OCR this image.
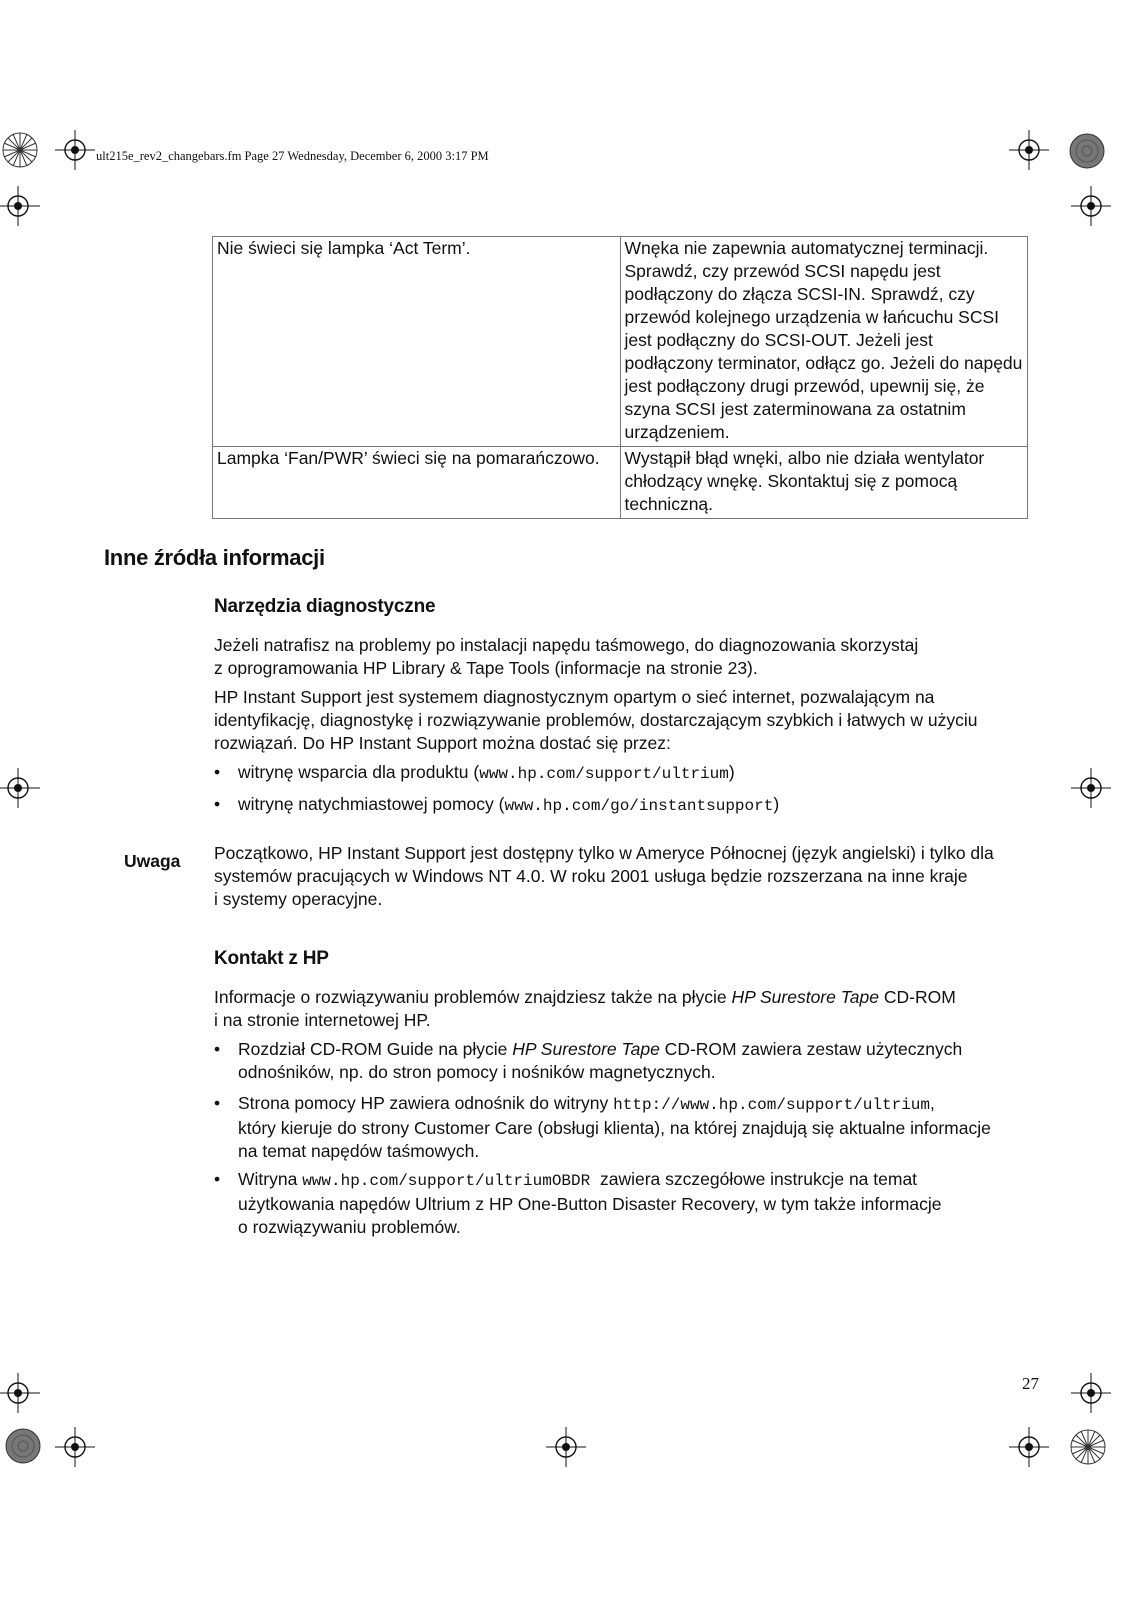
ult215e_rev2_changebars.fm Page 27 Wednesday, December 6, 2000 3:17 PM
Nie świeci się lampka ‘Act Term’.	Wnęka nie zapewnia automatycznej terminacji. Sprawdź, czy przewód SCSI napędu jest podłączony do złącza SCSI-IN. Sprawdź, czy przewód kolejnego urządzenia w łańcuchu SCSI jest podłączny do SCSI-OUT. Jeżeli jest podłączony terminator, odłącz go. Jeżeli do napędu jest podłączony drugi przewód, upewnij się, że szyna SCSI jest zaterminowana za ostatnim urządzeniem.
Lampka ‘Fan/PWR’ świeci się na pomarańczowo.	Wystąpił błąd wnęki, albo nie działa wentylator chłodzący wnękę. Skontaktuj się z pomocą techniczną.
Inne źródła informacji
Narzędzia diagnostyczne
Jeżeli natrafisz na problemy po instalacji napędu taśmowego, do diagnozowania skorzystaj
z oprogramowania HP Library & Tape Tools (informacje na stronie 23).

HP Instant Support jest systemem diagnostycznym opartym o sieć internet, pozwalającym na identyfikację, diagnostykę i rozwiązywanie problemów, dostarczającym szybkich i łatwych w użyciu rozwiązań. Do HP Instant Support można dostać się przez:

• witrynę wsparcia dla produktu (www.hp.com/support/ultrium)
• witrynę natychmiastowej pomocy (www.hp.com/go/instantsupport)
Uwaga Początkowo, HP Instant Support jest dostępny tylko w Ameryce Północnej (język angielski) i tylko dla
systemów pracujących w Windows NT 4.0. W roku 2001 usługa będzie rozszerzana na inne kraje
i systemy operacyjne.
Kontakt z HP
Informacje o rozwiązywaniu problemów znajdziesz także na płycie HP Surestore Tape CD-ROM
i na stronie internetowej HP.
• Rozdział CD-ROM Guide na płycie HP Surestore Tape CD-ROM zawiera zestaw użytecznych
odnośników, np. do stron pomocy i nośników magnetycznych.
• Strona pomocy HP zawiera odnośnik do witryny http://www.hp.com/support/ultrium,
który kieruje do strony Customer Care (obsługi klienta), na której znajdują się aktualne informacje
na temat napędów taśmowych.
• Witryna www.hp.com/support/ultriumOBDR  zawiera szczegółowe instrukcje na temat
użytkowania napędów Ultrium z HP One-Button Disaster Recovery, w tym także informacje
o rozwiązywaniu problemów.
27
